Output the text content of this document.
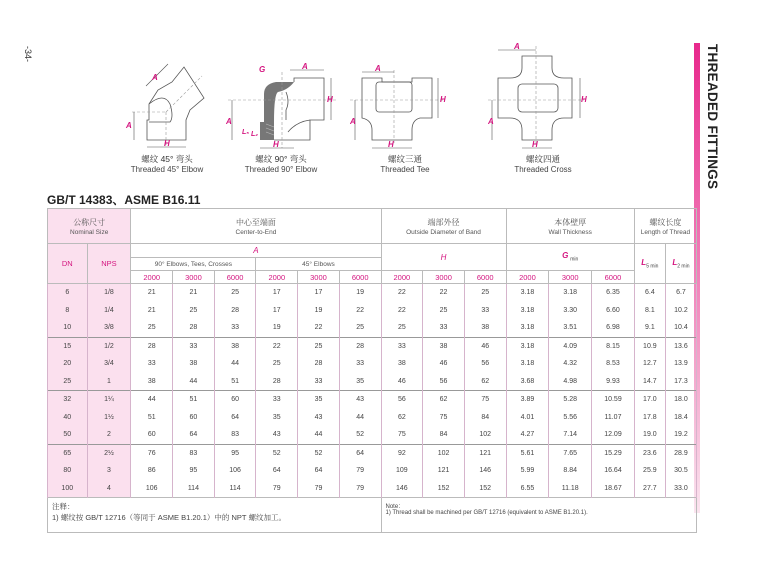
-34-	THREADED FITTINGS
A
H
A
螺纹 45° 弯头
Threaded 45° Elbow
A
H
A
H
G
L₅ L₂
螺纹 90° 弯头
Threaded 90° Elbow
A
H
A
H
螺纹三通
Threaded Tee
A
H
A
H
螺纹四通
Threaded Cross
GB/T 14383、ASME B16.11
公称尺寸
Nominal Size

中心至端面
Center-to-End

端部外径
Outside Diameter of Band

本体壁厚
Wall Thickness

螺纹长度
Length of Thread

DN	NPS	A						H			G $_{min}$			$L_{5 min}$	$L_{2 min}$
		90° Elbows, Tees, Crosses			45° Elbows										
		2000	3000	6000	2000	3000	6000	2000	3000	6000	2000	3000	6000		
6	1/8	21	21	25	17	17	19	22	22	25	3.18	3.18	6.35	6.4	6.7
8	1/4	21	25	28	17	19	22	22	25	33	3.18	3.30	6.60	8.1	10.2
10	3/8	25	28	33	19	22	25	25	33	38	3.18	3.51	6.98	9.1	10.4
15	1/2	28	33	38	22	25	28	33	38	46	3.18	4.09	8.15	10.9	13.6
20	3/4	33	38	44	25	28	33	38	46	56	3.18	4.32	8.53	12.7	13.9
25	1	38	44	51	28	33	35	46	56	62	3.68	4.98	9.93	14.7	17.3
32	1¼	44	51	60	33	35	43	56	62	75	3.89	5.28	10.59	17.0	18.0
40	1½	51	60	64	35	43	44	62	75	84	4.01	5.56	11.07	17.8	18.4
50	2	60	64	83	43	44	52	75	84	102	4.27	7.14	12.09	19.0	19.2
65	2½	76	83	95	52	52	64	92	102	121	5.61	7.65	15.29	23.6	28.9
80	3	86	95	106	64	64	79	109	121	146	5.99	8.84	16.64	25.9	30.5
100	4	106	114	114	79	79	79	146	152	152	6.55	11.18	18.67	27.7	33.0

注释：
1) 螺纹按 GB/T 12716（等同于 ASME B1.20.1）中的 NPT 螺纹加工。

Note：
1) Thread shall be machined per GB/T 12716 (equivalent to ASME B1.20.1).
